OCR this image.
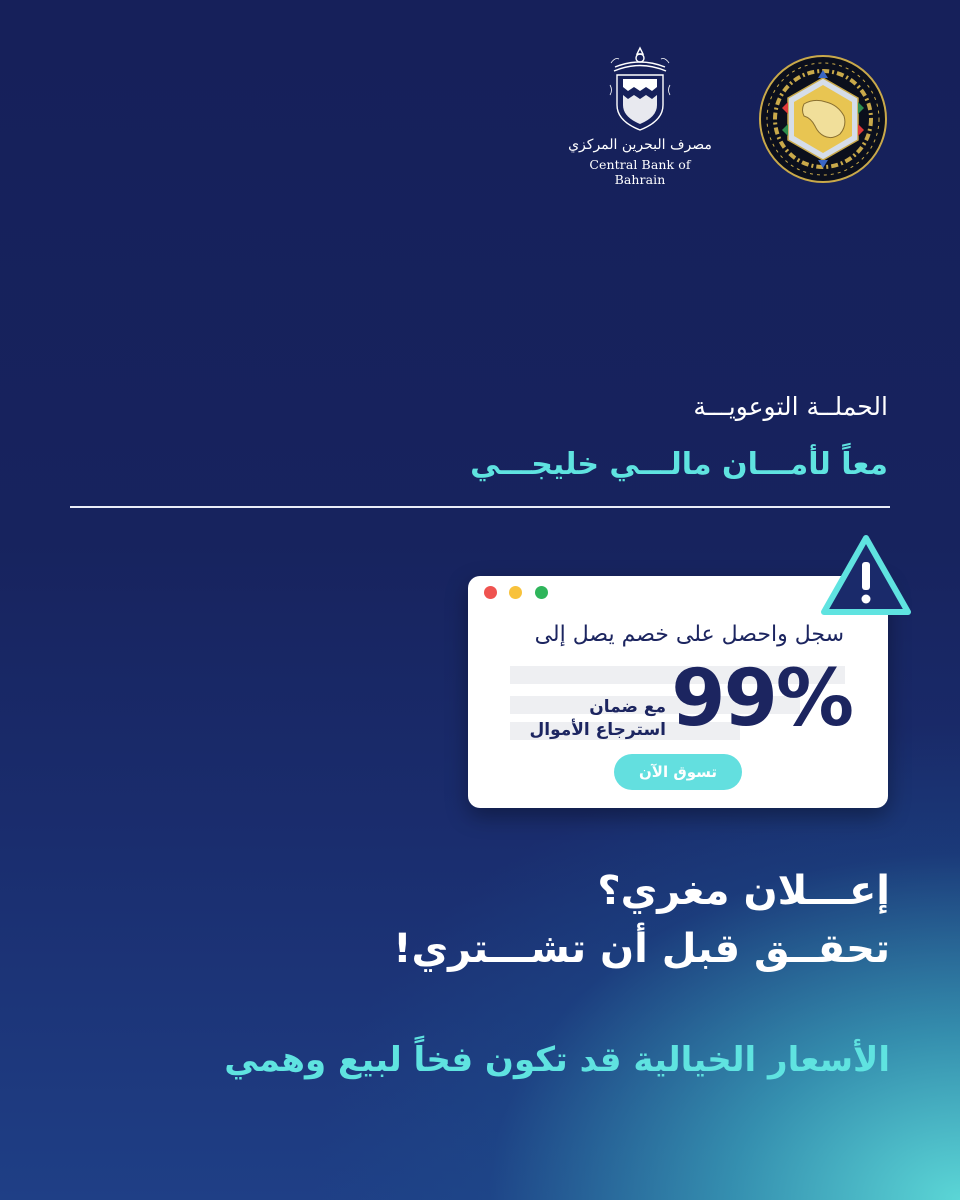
مصرف البحرين المركزي
Central Bank of Bahrain
الحملــة التوعويـــة
معاً لأمـــان مالـــي خليجـــي
سجل واحصل على خصم يصل إلى
99%
مع ضمان
استرجاع الأموال
تسوق الآن
إعـــلان مغري؟
تحقــق قبل أن تشـــتري!
الأسعار الخيالية قد تكون فخاً لبيع وهمي
